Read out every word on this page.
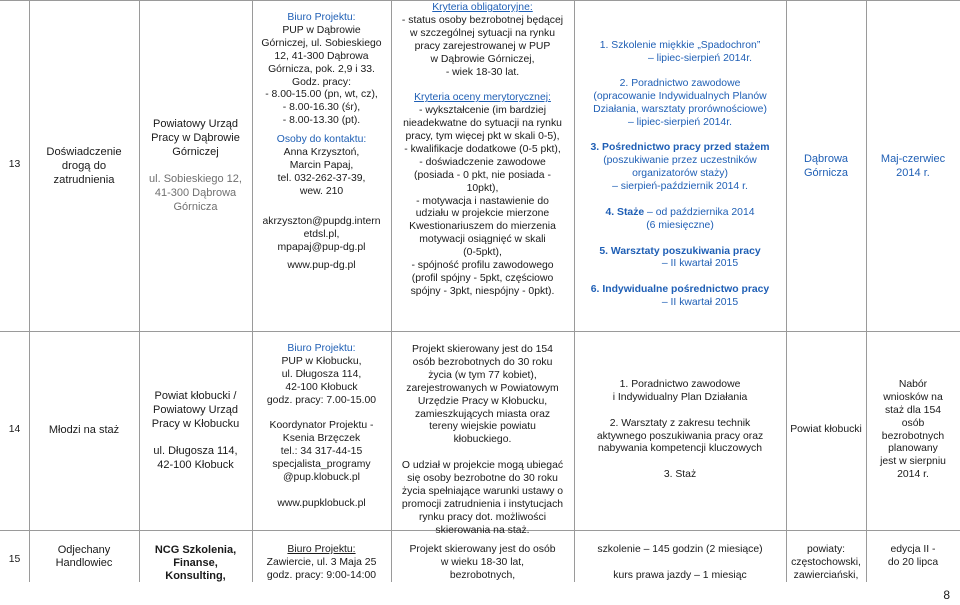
13
Doświadczenie
drogą do
zatrudnienia
Powiatowy Urząd
Pracy w Dąbrowie
Górniczej
ul. Sobieskiego 12,
41-300 Dąbrowa
Górnicza
Biuro Projektu:
PUP w Dąbrowie
Górniczej, ul. Sobieskiego
12, 41-300 Dąbrowa
Górnicza, pok. 2,9 i 33.
Godz. pracy:
- 8.00-15.00 (pn, wt, cz),
- 8.00-16.30 (śr),
- 8.00-13.30 (pt).
Osoby do kontaktu:
Anna Krzysztoń,
Marcin Papaj,
tel. 032-262-37-39,
wew. 210
akrzyszton@pupdg.intern
etdsl.pl,
mpapaj@pup-dg.pl
www.pup-dg.pl
Kryteria obligatoryjne:
- status osoby bezrobotnej będącej
w szczególnej sytuacji na rynku
pracy zarejestrowanej w PUP
w Dąbrowie Górniczej,
- wiek 18-30 lat.
Kryteria oceny merytorycznej:
- wykształcenie (im bardziej
nieadekwatne do sytuacji na rynku
pracy, tym więcej pkt w skali 0-5),
- kwalifikacje dodatkowe (0-5 pkt),
- doświadczenie zawodowe
(posiada - 0 pkt, nie posiada -
10pkt),
- motywacja i nastawienie do
udziału w projekcie mierzone
Kwestionariuszem do mierzenia
motywacji osiągnięć w skali
(0-5pkt),
- spójność profilu zawodowego
(profil spójny - 5pkt, częściowo
spójny - 3pkt, niespójny - 0pkt).
1. Szkolenie miękkie „Spadochron”
– lipiec-sierpień 2014r.
2. Poradnictwo zawodowe
(opracowanie Indywidualnych Planów
Działania, warsztaty prorównościowe)
– lipiec-sierpień 2014r.
3. Pośrednictwo pracy przed stażem
(poszukiwanie przez uczestników
organizatorów staży)
– sierpień-październik 2014 r.
4. Staże – od października 2014
(6 miesięczne)
5. Warsztaty poszukiwania pracy
– II kwartał 2015
6. Indywidualne pośrednictwo pracy
– II kwartał 2015
Dąbrowa
Górnicza
Maj-czerwiec
2014 r.
14	Młodzi na staż
Powiat kłobucki /
Powiatowy Urząd
Pracy w Kłobucku
ul. Długosza 114,
42-100 Kłobuck
Biuro Projektu:
PUP w Kłobucku,
ul. Długosza 114,
42-100 Kłobuck
godz. pracy: 7.00-15.00
Koordynator Projektu -
Ksenia Brzęczek
tel.: 34 317-44-15
specjalista_programy
@pup.klobuck.pl
www.pupklobuck.pl
Projekt skierowany jest do 154
osób bezrobotnych do 30 roku
życia (w tym 77 kobiet),
zarejestrowanych w Powiatowym
Urzędzie Pracy w Kłobucku,
zamieszkujących miasta oraz
tereny wiejskie powiatu
kłobuckiego.
O udział w projekcie mogą ubiegać
się osoby bezrobotne do 30 roku
życia spełniające warunki ustawy o
promocji zatrudnienia i instytucjach
rynku pracy dot. możliwości
skierowania na staż.
1. Poradnictwo zawodowe
i Indywidualny Plan Działania
2. Warsztaty z zakresu technik
aktywnego poszukiwania pracy oraz
nabywania kompetencji kluczowych
3. Staż
Powiat kłobucki
Nabór
wniosków na
staż dla 154
osób
bezrobotnych
planowany
jest w sierpniu
2014 r.
15
Odjechany
Handlowiec
NCG Szkolenia,
Finanse,
Konsulting,
Biuro Projektu:
Zawiercie, ul. 3 Maja 25
godz. pracy: 9:00-14:00
Projekt skierowany jest do osób
w wieku 18-30 lat,
bezrobotnych,
szkolenie – 145 godzin (2 miesiące)
kurs prawa jazdy – 1 miesiąc
powiaty:
częstochowski,
zawierciański,
edycja II -
do 20 lipca
8
